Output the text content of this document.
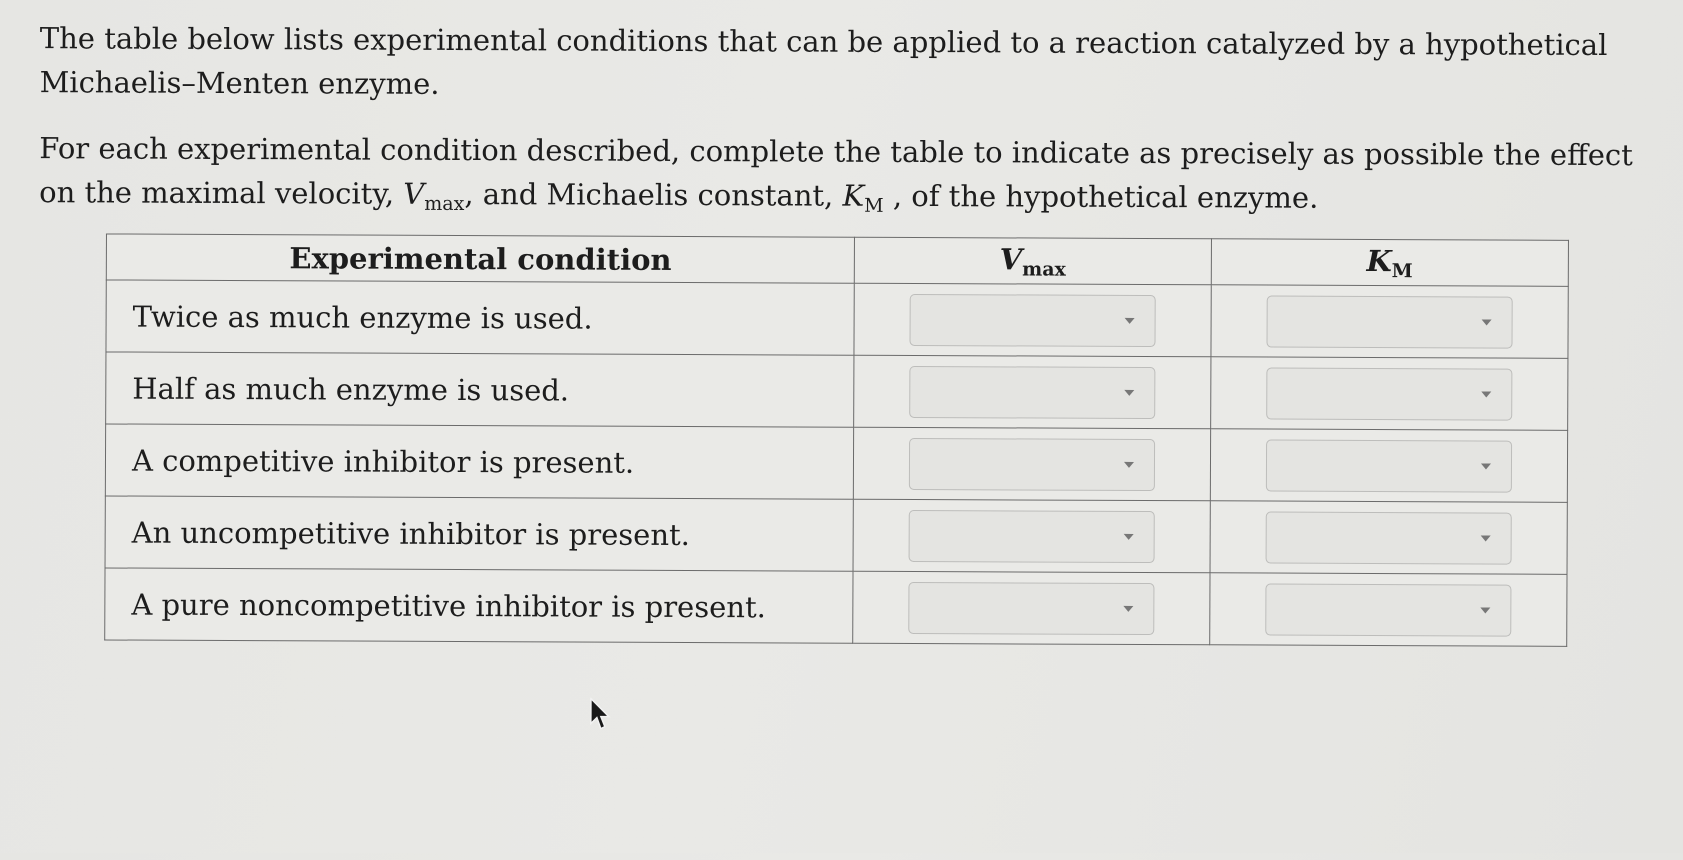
The table below lists experimental conditions that can be applied to a reaction catalyzed by a hypothetical Michaelis–Menten enzyme.

For each experimental condition described, complete the table to indicate as precisely as possible the effect on the maximal velocity, $V_{max}$, and Michaelis constant, $K_M$ , of the hypothetical enzyme.

Experimental condition	$V_{max}$	$K_M$
Twice as much enzyme is used.	

Half as much enzyme is used.	

A competitive inhibitor is present.	

An uncompetitive inhibitor is present.	

A pure noncompetitive inhibitor is present.	
